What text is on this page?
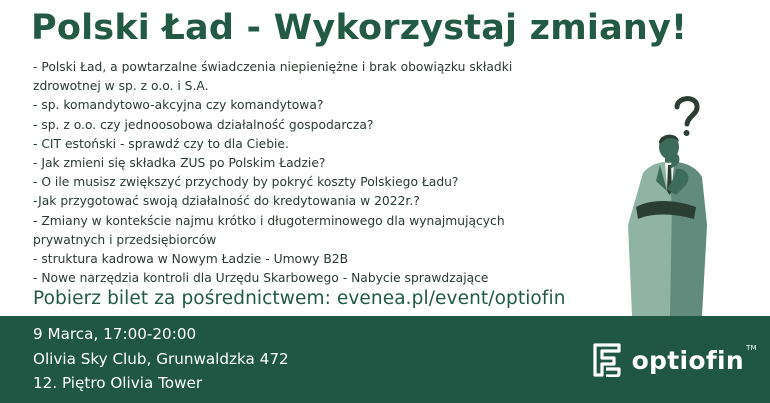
Polski Ład - Wykorzystaj zmiany!
- Polski Ład, a powtarzalne świadczenia niepieniężne i brak obowiązku składki
zdrowotnej w sp. z o.o. i S.A.
- sp. komandytowo-akcyjna czy komandytowa?
- sp. z o.o. czy jednoosobowa działalność gospodarcza?
- CIT estoński - sprawdź czy to dla Ciebie.
- Jak zmieni się składka ZUS po Polskim Ładzie?
- O ile musisz zwiększyć przychody by pokryć koszty Polskiego Ładu?
-Jak przygotować swoją działalność do kredytowania w 2022r.?
- Zmiany w kontekście najmu krótko i długoterminowego dla wynajmujących
prywatnych i przedsiębiorców
- struktura kadrowa w Nowym Ładzie - Umowy B2B
- Nowe narzędzia kontroli dla Urzędu Skarbowego - Nabycie sprawdzające
Pobierz bilet za pośrednictwem: evenea.pl/event/optiofin
9 Marca, 17:00-20:00
Olivia Sky Club, Grunwaldzka 472
12. Piętro Olivia Tower
optiofin TM
